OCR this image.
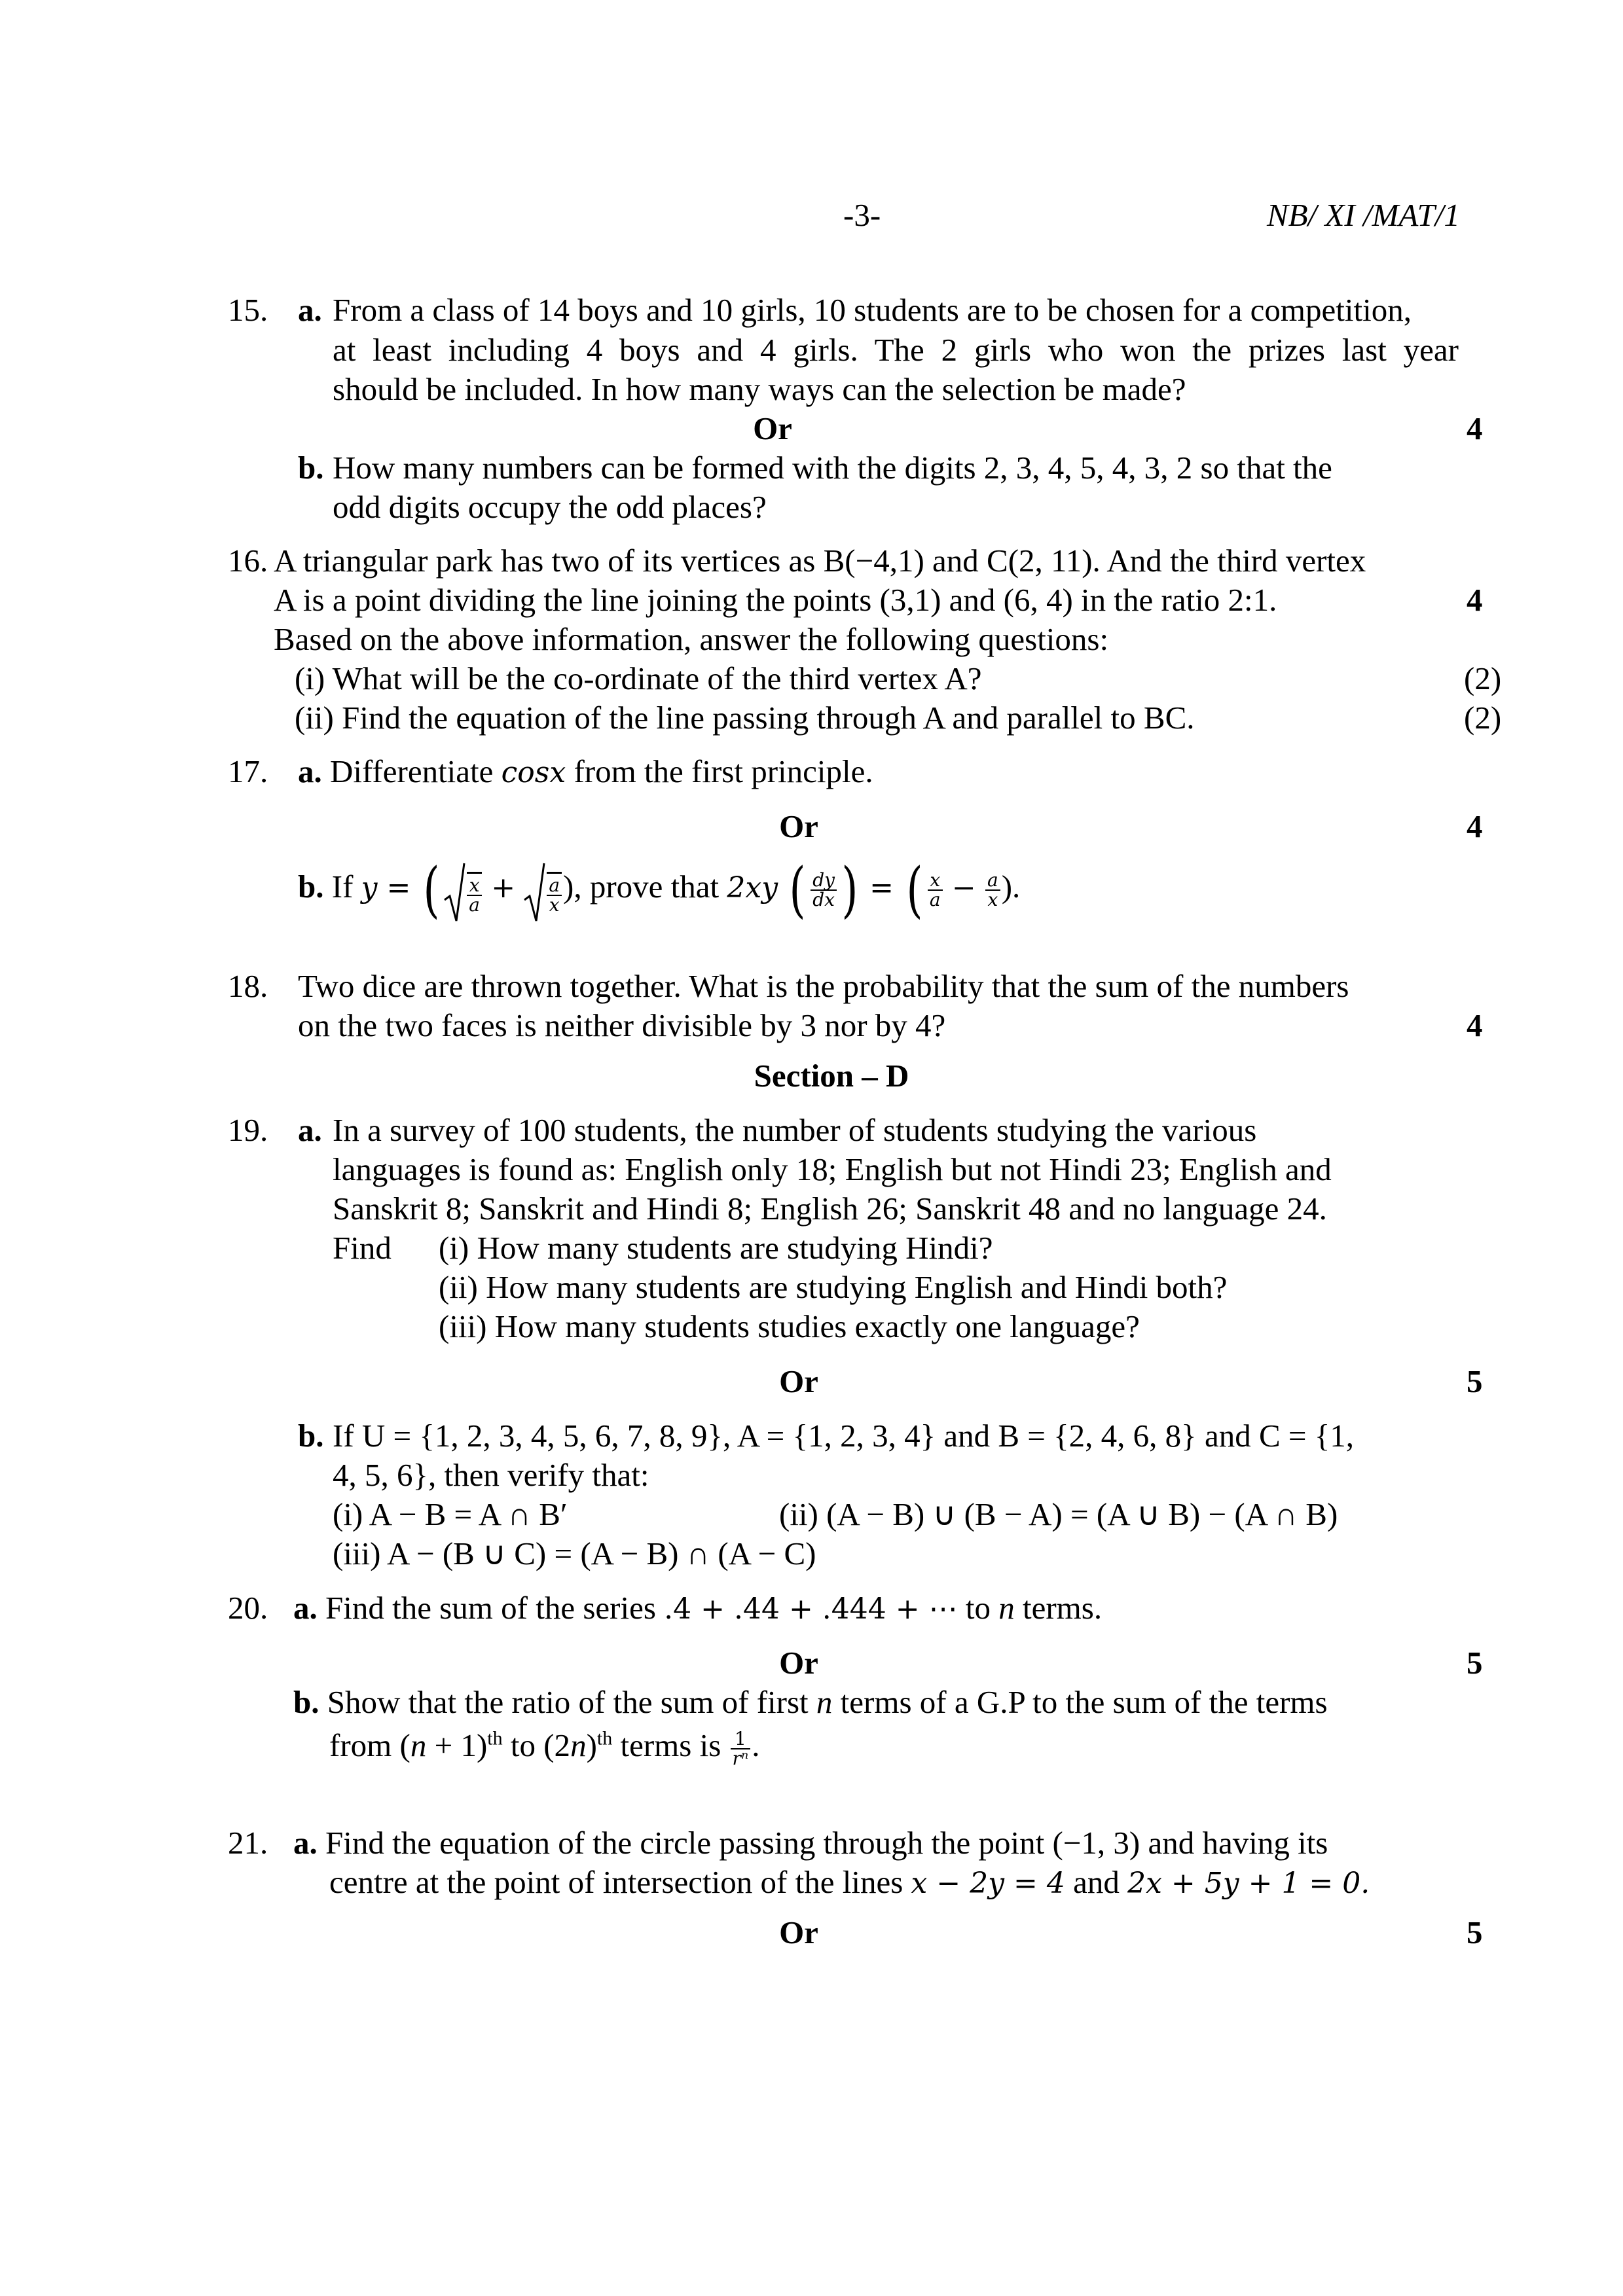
-3-	NB/ XI /MAT/1
15. a. From a class of 14 boys and 10 girls, 10 students are to be chosen for a competition,
at least including 4 boys and 4 girls. The 2 girls who won the prizes last year
should be included. In how many ways can the selection be made?
Or	4
b. How many numbers can be formed with the digits 2, 3, 4, 5, 4, 3, 2 so that the
odd digits occupy the odd places?
16. A triangular park has two of its vertices as B(−4,1) and C(2, 11). And the third vertex
A is a point dividing the line joining the points (3,1) and (6, 4) in the ratio 2:1.	4
Based on the above information, answer the following questions:
(i) What will be the co-ordinate of the third vertex A?	(2)
(ii) Find the equation of the line passing through A and parallel to BC.	(2)
17. a. Differentiate cosx from the first principle.
Or	4
b. If y = ( $\frac{x}{a} + \frac{a}{x}$ ), prove that 2xy ( $\frac{dy}{dx}$ ) = ( $\frac{x}{a} - \frac{a}{x}$ ).
18. Two dice are thrown together. What is the probability that the sum of the numbers
on the two faces is neither divisible by 3 nor by 4?	4
Section – D
19. a. In a survey of 100 students, the number of students studying the various
languages is found as: English only 18; English but not Hindi 23; English and
Sanskrit 8; Sanskrit and Hindi 8; English 26; Sanskrit 48 and no language 24.
Find (i) How many students are studying Hindi?
(ii) How many students are studying English and Hindi both?
(iii) How many students studies exactly one language?
Or	5
b. If U = {1, 2, 3, 4, 5, 6, 7, 8, 9}, A = {1, 2, 3, 4} and B = {2, 4, 6, 8} and C = {1,
4, 5, 6}, then verify that:
(i) A − B = A ∩ B′	(ii) (A − B) ∪ (B − A) = (A ∪ B) − (A ∩ B)
(iii) A − (B ∪ C) = (A − B) ∩ (A − C)
20. a. Find the sum of the series .4 + .44 + .444 + ⋯ to n terms.
Or	5
b. Show that the ratio of the sum of first n terms of a G.P to the sum of the terms
from $(n + 1)^{th}$ to $(2n)^{th}$ terms is $\frac{1}{\text{rⁿ}}$ .
21. a. Find the equation of the circle passing through the point (−1, 3) and having its
centre at the point of intersection of the lines x − 2y = 4 and 2x + 5y + 1 = 0.
Or	5
